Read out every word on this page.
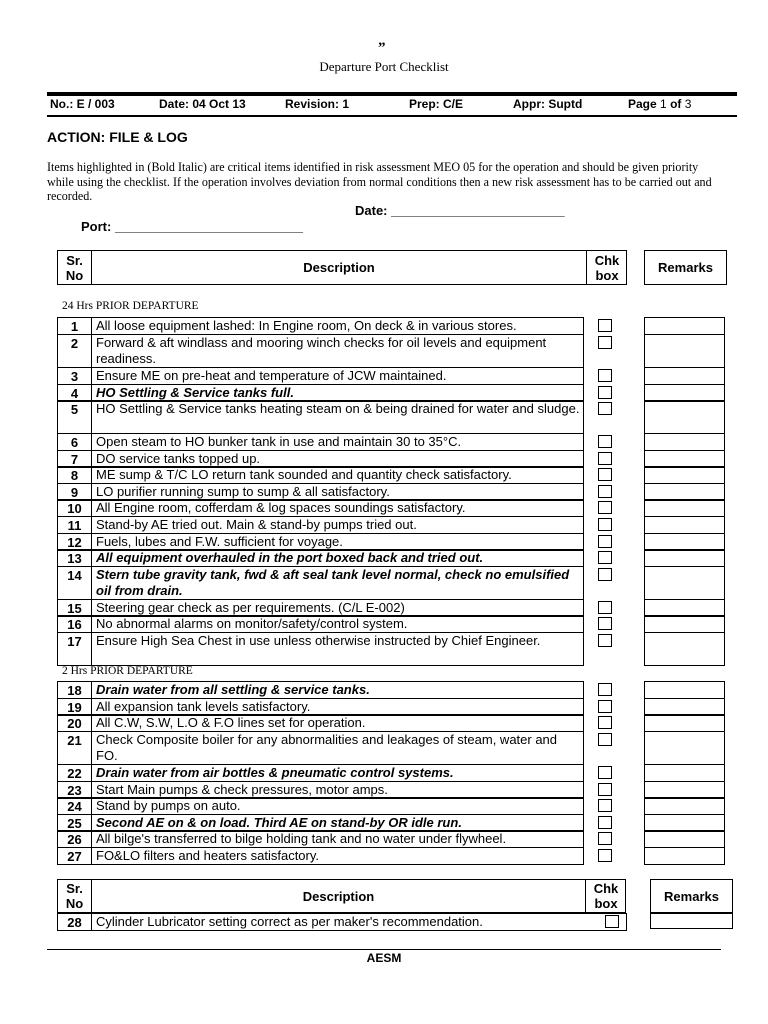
”
Departure Port Checklist
No.: E / 003	Date: 04 Oct 13	Revision: 1	Prep: C/E	Appr: Suptd	Page 1 of 3
ACTION: FILE & LOG
Items highlighted in (Bold Italic) are critical items identified in risk assessment MEO 05 for the operation and should be given priority while using the checklist. If the operation involves deviation from normal conditions then a new risk assessment has to be carried out and recorded.
Date: ________________________
Port: __________________________
Sr. No	Description	Chk box	Remarks
24 Hrs PRIOR DEPARTURE
2 Hrs PRIOR DEPARTURE
1	All loose equipment lashed: In Engine room, On deck & in various stores.
2	Forward & aft windlass and mooring winch checks for oil levels and equipment readiness.
3	Ensure ME on pre-heat and temperature of JCW maintained.
4	HO Settling & Service tanks full.
5	HO Settling & Service tanks heating steam on & being drained for water and sludge.
6	Open steam to HO bunker tank in use and maintain 30 to 35°C.
7	DO service tanks topped up.
8	ME sump & T/C LO return tank sounded and quantity check satisfactory.
9	LO purifier running sump to sump & all satisfactory.
10	All Engine room, cofferdam & log spaces soundings satisfactory.
11	Stand-by AE tried out. Main & stand-by pumps tried out.
12	Fuels, lubes and F.W. sufficient for voyage.
13	All equipment overhauled in the port boxed back and tried out.
14	Stern tube gravity tank, fwd & aft seal tank level normal, check no emulsified oil from drain.
15	Steering gear check as per requirements. (C/L E-002)
16	No abnormal alarms on monitor/safety/control system.
17	Ensure High Sea Chest in use unless otherwise instructed by Chief Engineer.
18	Drain water from all settling & service tanks.
19	All expansion tank levels satisfactory.
20	All C.W, S.W, L.O & F.O lines set for operation.
21	Check Composite boiler for any abnormalities and leakages of steam, water and FO.
22	Drain water from air bottles & pneumatic control systems.
23	Start Main pumps & check pressures, motor amps.
24	Stand by pumps on auto.
25	Second AE on & on load. Third AE on stand-by OR idle run.
26	All bilge's transferred to bilge holding tank and no water under flywheel.
27	FO&LO filters and heaters satisfactory.
28	Cylinder Lubricator setting correct as per maker's recommendation.
Sr. No	Description	Chk box	Remarks
AESM
